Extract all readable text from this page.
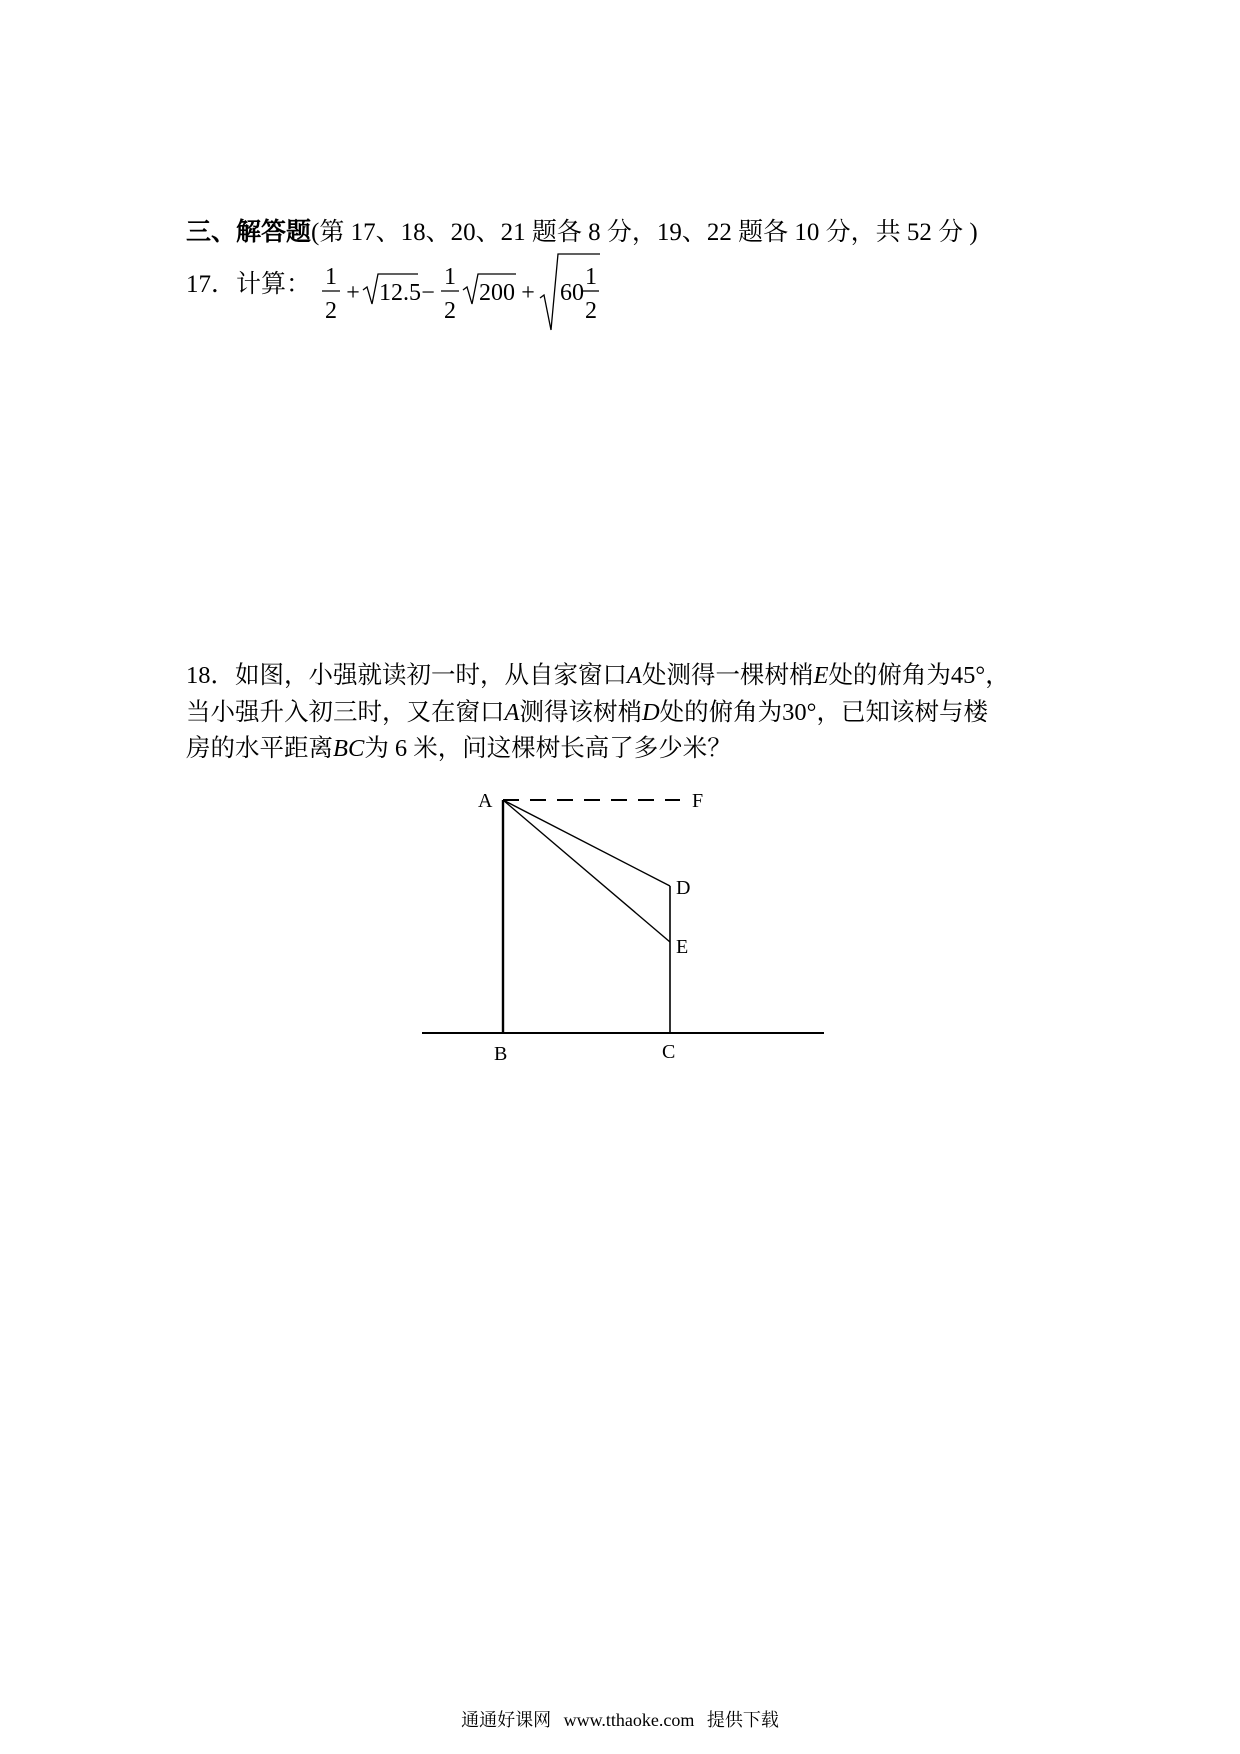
三、解答题(第 17、18、20、21 题各 8 分，19、22 题各 10 分，共 52 分 )
17．计算： 1
2
+ 12.5 −
1
2
200 + 60
1
2
18．如图，小强就读初一时，从自家窗口A处测得一棵树梢E处的俯角为45°，
当小强升入初三时，又在窗口A测得该树梢D处的俯角为30°，已知该树与楼
房的水平距离BC为 6 米，问这棵树长高了多少米？
A	F
D
E
B	C
通通好课网 www.tthaoke.com 提供下载
